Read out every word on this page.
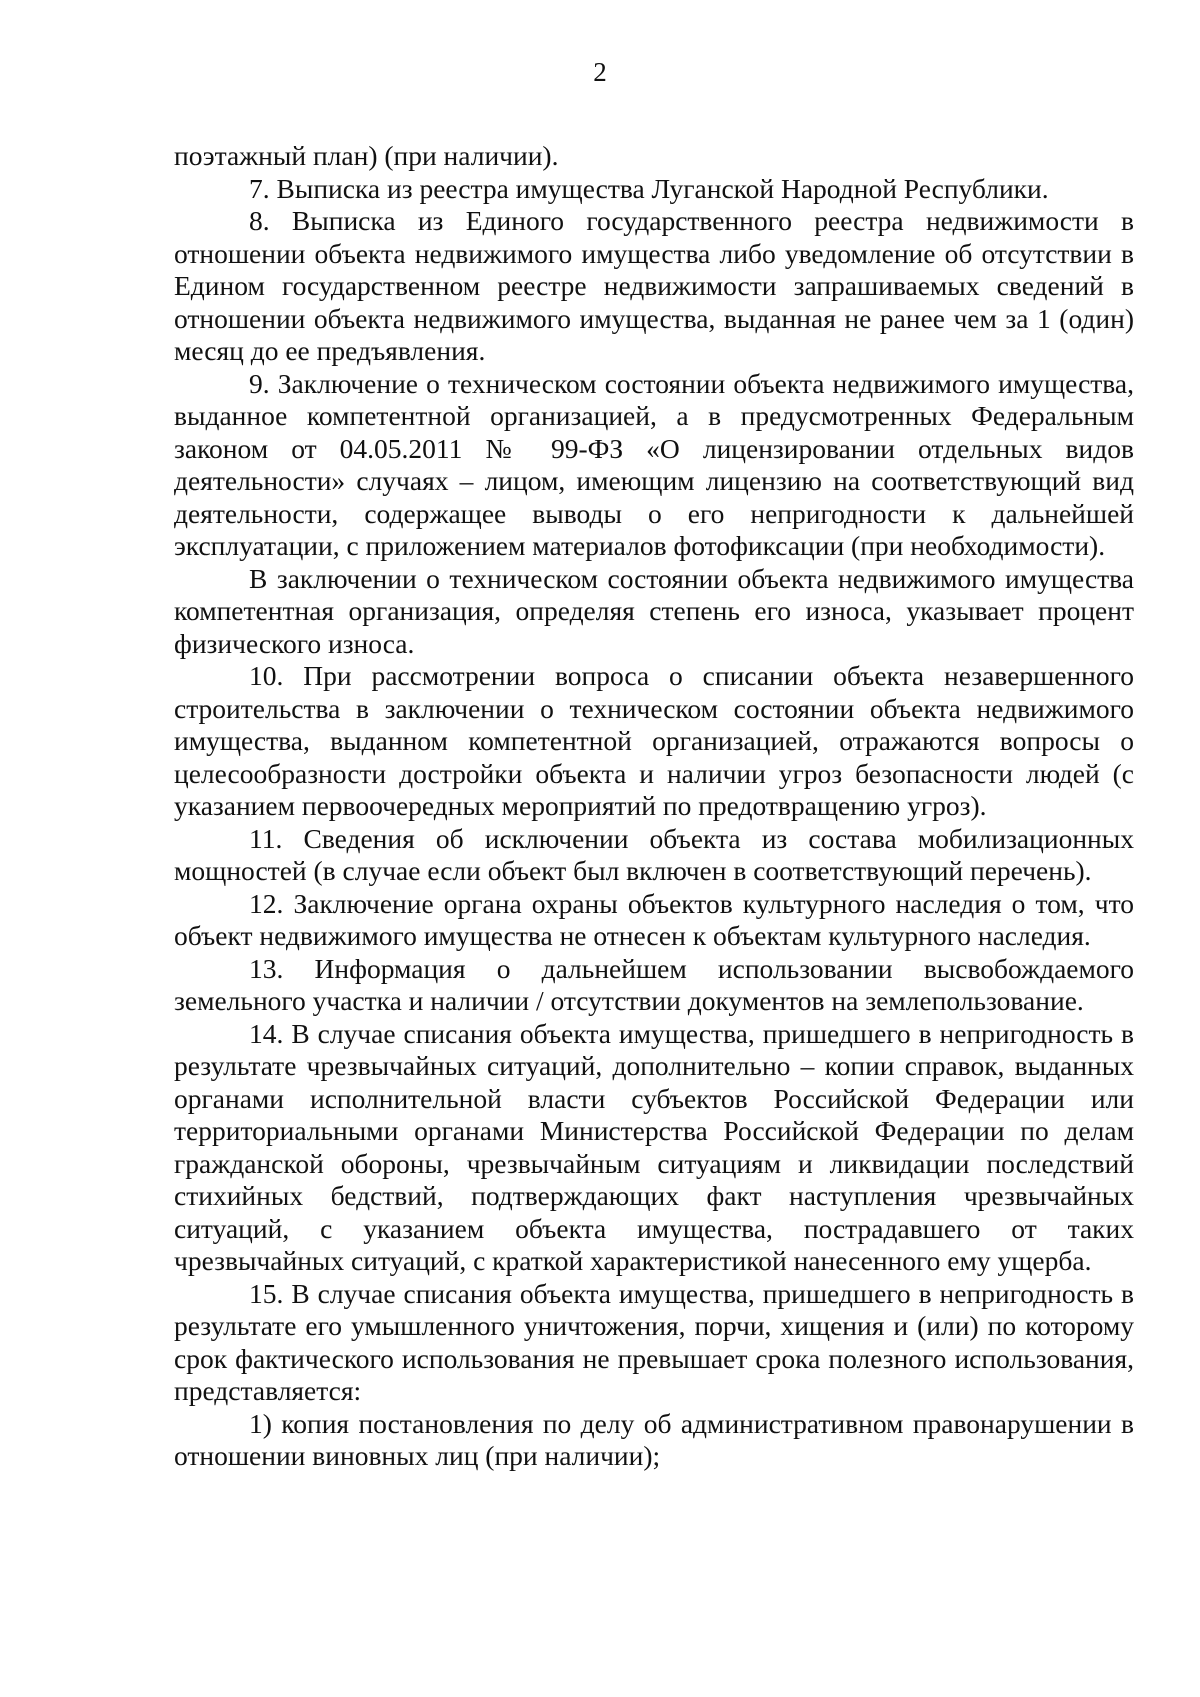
2

поэтажный план) (при наличии).

7. Выписка из реестра имущества Луганской Народной Республики.

8. Выписка из Единого государственного реестра недвижимости в отношении объекта недвижимого имущества либо уведомление об отсутствии в Едином государственном реестре недвижимости запрашиваемых сведений в отношении объекта недвижимого имущества, выданная не ранее чем за 1 (один) месяц до ее предъявления.

9. Заключение о техническом состоянии объекта недвижимого имущества, выданное компетентной организацией, а в предусмотренных Федеральным законом от 04.05.2011 № 99-ФЗ «О лицензировании отдельных видов деятельности» случаях – лицом, имеющим лицензию на соответствующий вид деятельности, содержащее выводы о его непригодности к дальнейшей эксплуатации, с приложением материалов фотофиксации (при необходимости).

В заключении о техническом состоянии объекта недвижимого имущества компетентная организация, определяя степень его износа, указывает процент физического износа.

10. При рассмотрении вопроса о списании объекта незавершенного строительства в заключении о техническом состоянии объекта недвижимого имущества, выданном компетентной организацией, отражаются вопросы о целесообразности достройки объекта и наличии угроз безопасности людей (с указанием первоочередных мероприятий по предотвращению угроз).

11. Сведения об исключении объекта из состава мобилизационных мощностей (в случае если объект был включен в соответствующий перечень).

12. Заключение органа охраны объектов культурного наследия о том, что объект недвижимого имущества не отнесен к объектам культурного наследия.

13. Информация о дальнейшем использовании высвобождаемого земельного участка и наличии / отсутствии документов на землепользование.

14. В случае списания объекта имущества, пришедшего в непригодность в результате чрезвычайных ситуаций, дополнительно – копии справок, выданных органами исполнительной власти субъектов Российской Федерации или территориальными органами Министерства Российской Федерации по делам гражданской обороны, чрезвычайным ситуациям и ликвидации последствий стихийных бедствий, подтверждающих факт наступления чрезвычайных ситуаций, с указанием объекта имущества, пострадавшего от таких чрезвычайных ситуаций, с краткой характеристикой нанесенного ему ущерба.

15. В случае списания объекта имущества, пришедшего в непригодность в результате его умышленного уничтожения, порчи, хищения и (или) по которому срок фактического использования не превышает срока полезного использования, представляется:

1) копия постановления по делу об административном правонарушении в отношении виновных лиц (при наличии);
